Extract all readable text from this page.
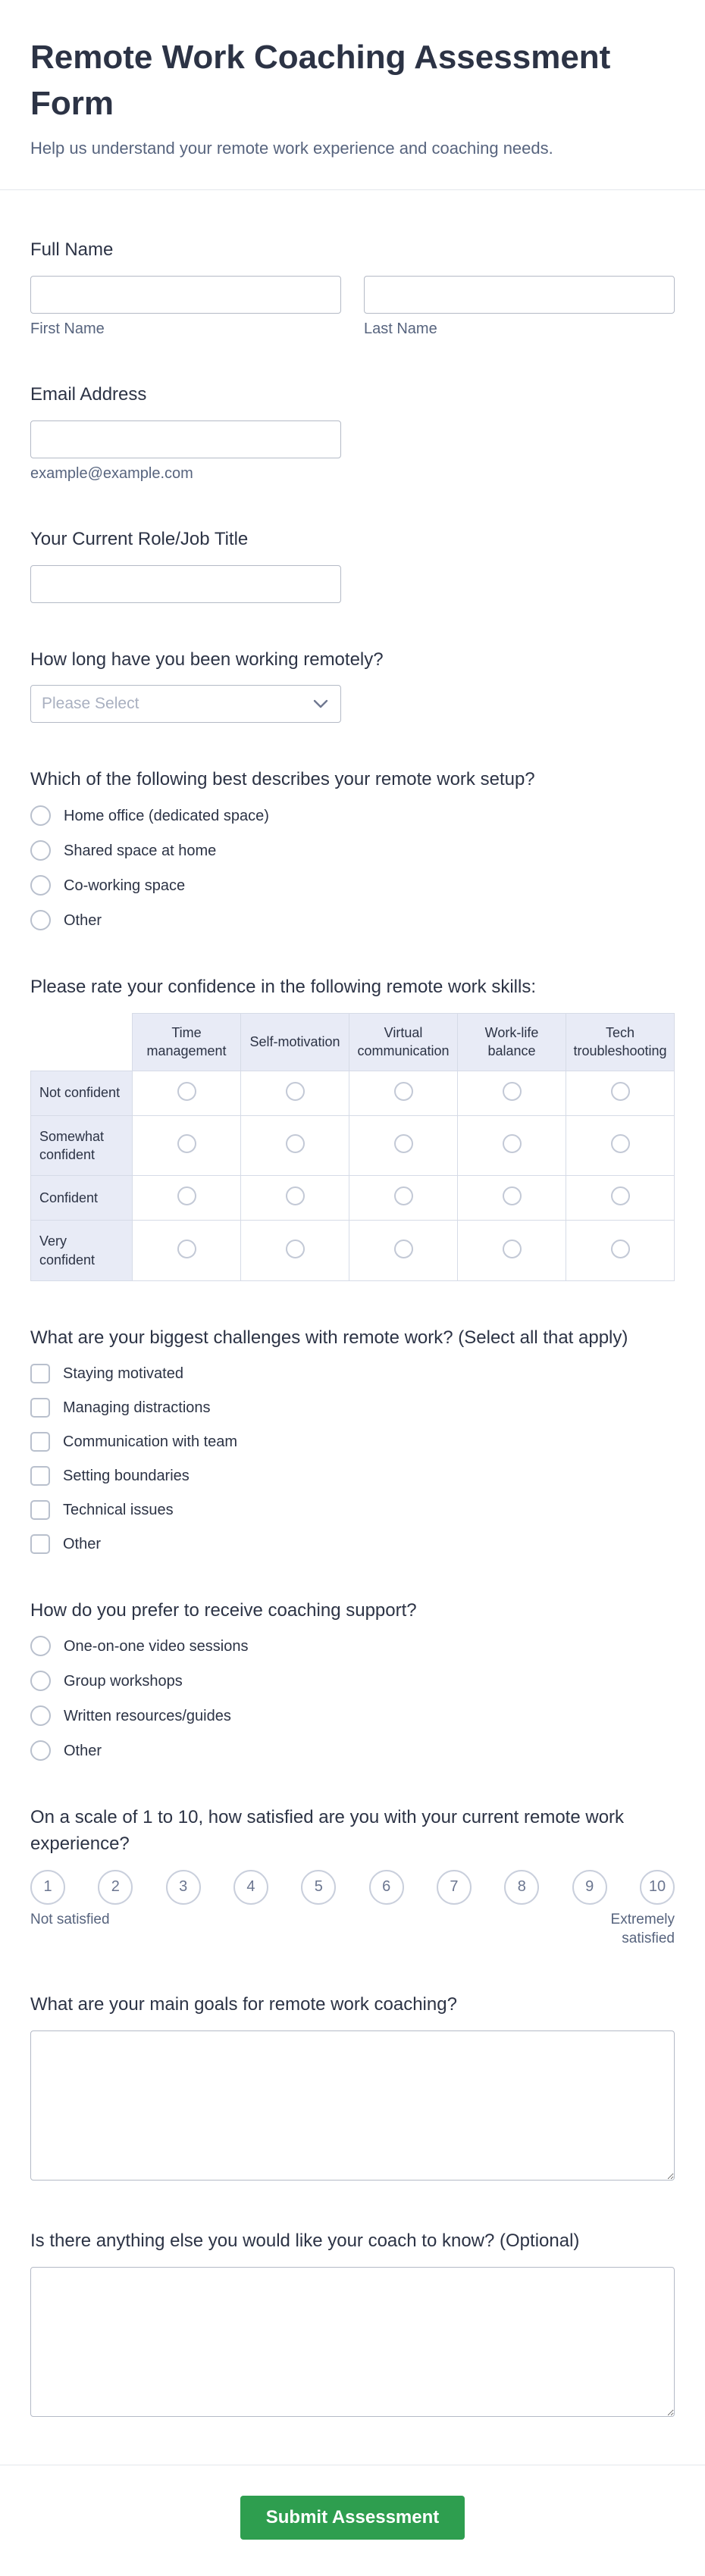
Remote Work Coaching Assessment Form

Help us understand your remote work experience and coaching needs.

Full Name
First Name	Last Name
Email Address
example@example.com
Your Current Role/Job Title
How long have you been working remotely?
Please Select
Which of the following best describes your remote work setup?
Home office (dedicated space)
Shared space at home
Co-working space
Other
Please rate your confidence in the following remote work skills:
	Time management	Self-motivation	Virtual communication	Work-life balance	Tech troubleshooting
Not confident					
Somewhat confident					
Confident					
Very confident					
What are your biggest challenges with remote work? (Select all that apply)
Staying motivated
Managing distractions
Communication with team
Setting boundaries
Technical issues
Other
How do you prefer to receive coaching support?
One-on-one video sessions
Group workshops
Written resources/guides
Other
On a scale of 1 to 10, how satisfied are you with your current remote work experience?
1	2	3	4	5	6	7	8	9	10
Not satisfied	Extremely satisfied
What are your main goals for remote work coaching?
Is there anything else you would like your coach to know? (Optional)
Submit Assessment
